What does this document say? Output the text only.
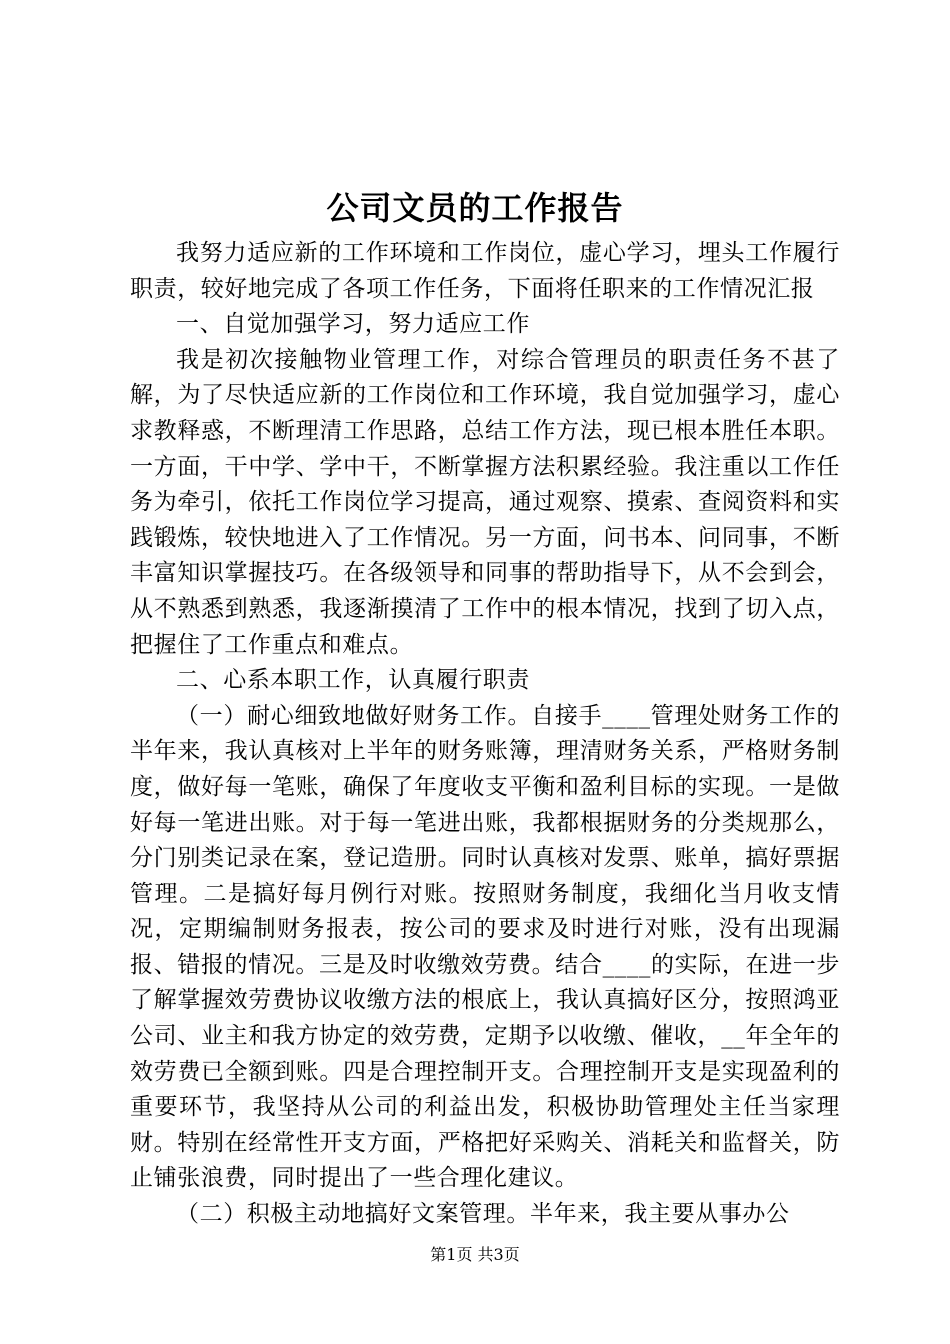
公司文员的工作报告

我努力适应新的工作环境和工作岗位，虚心学习，埋头工作履行职责，较好地完成了各项工作任务，下面将任职来的工作情况汇报

一、自觉加强学习，努力适应工作

我是初次接触物业管理工作，对综合管理员的职责任务不甚了解，为了尽快适应新的工作岗位和工作环境，我自觉加强学习，虚心求教释惑，不断理清工作思路，总结工作方法，现已根本胜任本职。一方面，干中学、学中干，不断掌握方法积累经验。我注重以工作任务为牵引，依托工作岗位学习提高，通过观察、摸索、查阅资料和实践锻炼，较快地进入了工作情况。另一方面，问书本、问同事，不断丰富知识掌握技巧。在各级领导和同事的帮助指导下，从不会到会，从不熟悉到熟悉，我逐渐摸清了工作中的根本情况，找到了切入点，把握住了工作重点和难点。

二、心系本职工作，认真履行职责

（一）耐心细致地做好财务工作。自接手____管理处财务工作的半年来，我认真核对上半年的财务账簿，理清财务关系，严格财务制度，做好每一笔账，确保了年度收支平衡和盈利目标的实现。一是做好每一笔进出账。对于每一笔进出账，我都根据财务的分类规那么，分门别类记录在案，登记造册。同时认真核对发票、账单，搞好票据管理。二是搞好每月例行对账。按照财务制度，我细化当月收支情况，定期编制财务报表，按公司的要求及时进行对账，没有出现漏报、错报的情况。三是及时收缴效劳费。结合____的实际，在进一步了解掌握效劳费协议收缴方法的根底上，我认真搞好区分，按照鸿亚公司、业主和我方协定的效劳费，定期予以收缴、催收，__年全年的效劳费已全额到账。四是合理控制开支。合理控制开支是实现盈利的重要环节，我坚持从公司的利益出发，积极协助管理处主任当家理财。特别在经常性开支方面，严格把好采购关、消耗关和监督关，防止铺张浪费，同时提出了一些合理化建议。

（二）积极主动地搞好文案管理。半年来，我主要从事办公

第1页 共3页
